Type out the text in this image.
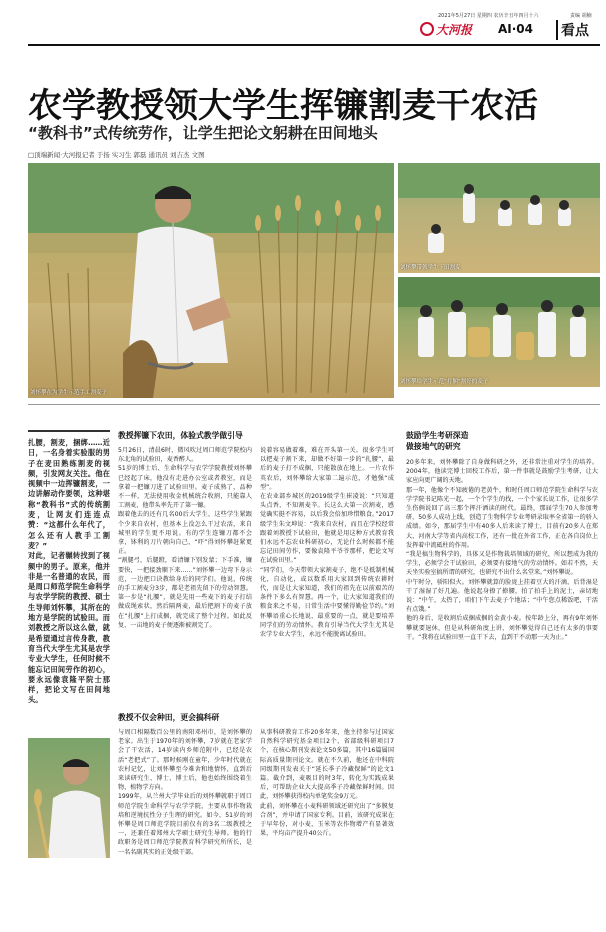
2021年5月27日 星期四 农历辛丑年四月十六	责编 胡楠
大河报 AⅠ·04	看点
农学教授领大学生挥镰割麦干农活
“教科书”式传统劳作，让学生把论文躬耕在田间地头
□顶端新闻·大河报记者 于扬 实习生 郭磊 通讯员 刘吉杰 文图
刘怀攀在为学生示范手工割麦子
刘怀攀带领学生下田割麦
刘怀攀给学生示范“打捆”割好的麦子
扎腰，割麦，捆绑……近日，一名身着实验服的男子在麦田熟练割麦的视频，引发网友关注。他在视频中一边挥镰割麦，一边讲解动作要领，这种堪称“教科书”式的传统割麦，让网友们连连点赞：“这都什么年代了，怎么还有人教手工割麦？”
对此，记者辗转找到了视频中的男子。原来，他并非是一名普通的农民，而是周口师范学院生命科学与农学学院的教授、硕士生导师刘怀攀，其所在的地方是学院的试验田。而刘教授之所以这么做，就是希望通过言传身教，教育当代大学生尤其是农学专业大学生，任何时候不能忘记田间劳作的初心，要永远像袁隆平院士那样，把论文写在田间地头。
教授挥镰下农田，体验式教学做引导
5月26日，清晨6时，微风吹过周口师范学院校内东北角的试验田，麦香醉人。
51岁的博士后、生命科学与农学学院教授刘怀攀已经起了床，他没有走进办公室或者教室，而是拿着一把镰刀进了试验田里。麦子成熟了，品种不一样，无法使用收金机械统合收割，只能靠人工割麦，他带头率先开了第一镰。
跟着他去的还有几名00后大学生，这些学生紧跟个少来自农村，但基本上没怎么干过农活，来自城里的学生更不用说。有的学生连镰刀都不会拿，钵利的刀片朝向自己，“吓”得刘怀攀赶紧更正。
“割腿弓，后腿蹬，看清镰下别发蒙；下手准，镰要快，一把接劲顺下来……”刘怀攀一边弯下身示范，一边把口诀教给身后的同学们。他说，传统的手工割麦分3步，都是老祖先留下的劳动智慧。第一步是“扎腰”，就是先用一些麦下的麦子打结做成绳索状，然后隔两麦，最后把割下的麦子放在“扎腰”上打成捆，就完成了整个过程。如此反复，一亩地的麦子便逐渐被割完了。
说着容易做着难，难在开头第一关。很多学生可以把麦子割下来，却做不好第一步的“扎腰”，最后的麦子打不成捆，只能散放在地上。一片农作英农后，刘怀攀给大家第二遍示范，才勉强“成型”。
在农业部乡城区的2019级学生崔凌说：“只知道头点香，不知割麦辛。长这么大第一次割麦，感觉确实挺不容易，以后我会倍加珍惜粮食。”2017级学生朱文坤说：“我来自农村，而且在学校经常跟着刘教授下试验田，他就是用这种方式教育我们永远不忘农业科研初心，无论什么时候都不能忘记田间劳作，要像袁隆平爷爷那样，把论文写在试验田里。”
“同学们，今天带领大家割麦子，绝不是抵制机械化，自动化，或以数系用大家回到传统农耕时代，而是让大家知道，我们的祖先在以前艰苦的条件下多么有智慧。再一个，让大家知道我们的粮食来之不易，日常生活中要懂得勤俭节约。”刘怀攀语重心长地说，最重要的一点，就是要培养同学们的劳动情怀。教育引导当代大学生尤其是农学专业大学生，永远不能脱离试验田。
教授不仅会种田，更会搞科研
与周口相隔数百公里的南阳邓州市，是刘怀攀的老家。出生于1970年的刘怀攀，7岁就在老家学会了干农活，14岁读内乡师范附中，已经是农活“老把式”了。那时候刚在童年，少年时代就在农村记忆，让刘怀攀至今难舍和地情怀，直到后来读研究生、博士、博士后，他也始终围绕着生物、植物学方向。
1999年，从兰州大学毕业后的刘怀攀就职于周口师范学院生命科学与农学学院，主要从事作物栽培和逆境抗性分子生理的研究。如今，51岁的刘怀攀是周口师范学院目前仅有的3名二级教授之一，还兼任着郑州大学硕士研究生导师。他的行政职务是周口师范学院教育科学研究所所长，是一名名副其实的正处级干部。
从事科研教育工作20多年来，他主持参与过国家自然科学研究基金项目2个，省部级科研项目7个，在核心期刊发表论文50多篇，其中16篇属国际高质量期刊论文。就在不久前，他还在中科院同级期刊发表关于“延长季子冷藏保鲜”的论文1篇。截介到，麦吸目的时3年，转化为实践成果后，可帮助企业大大提高季子冷藏保鲜时间。因此，刘怀攀获得校内单笔奖金9万元。
此前，刘怀攀在小麦科研领域还研究出了“多膜复合剂”，并申请了国家专利。目前，该研究成果在于早年份，对小麦、玉米等农作物增产有显著效果，平均亩产提升40公斤。
鼓励学生考研深造
做接地气的研究
20多年来，刘怀攀除了自身做科研之外，还非常注重对学生的培养。2004年，他读完博士回校工作后，第一件事就是鼓励学生考研，让大家应向更广阔的天地。
那一年，他像个不知疲倦的老黄牛，和时任周口师范学院生命科学与农学学院书记陈光一起，一个个学生的找，一个个家长说工作，让很多学生伤俩说回了高三那个挥汗洒读的时代。最终，那届学生70人参加考研，50多人成功上线，创造了生物科学专业考研录取率全省第一的骄人成绩。如今，那届学生中有40多人后来读了博士，目前有20多人在郑大、河南大学等省内高校工作，还有一批在外省工作，正在各自岗位上发挥着中流砥柱的作用。
“我是搞生物科学的，具体又是作物栽培领域的研究，所以想成为我的学生，必须学会干试验田，必须要有接地气的劳动情怀。如若不然，天天坐实验室搞所谓的研究，也研究不出什么名堂来。”刘怀攀说。
中午时分，骄阳似火。刘怀攀就算的脸庞上挂着豆大的汗滴，后背湿是干了湿湿了好几遍。他说起身撩了撩腰，拍了拍手上的泥土，亲切地说：“中午，太热了，咱们下午去麦子个地话；“中午您点稀饭吧，干活有点饿。”
他的身后，是收割后成捆成捆的金黄小麦。按年龄上分，再有9年刘怀攀就要退休，但是从科研角度上讲，刘怀攀觉得自己还有太多的事要干。“我将在试验田里一直干下去，直到干不动那一天为止。”
